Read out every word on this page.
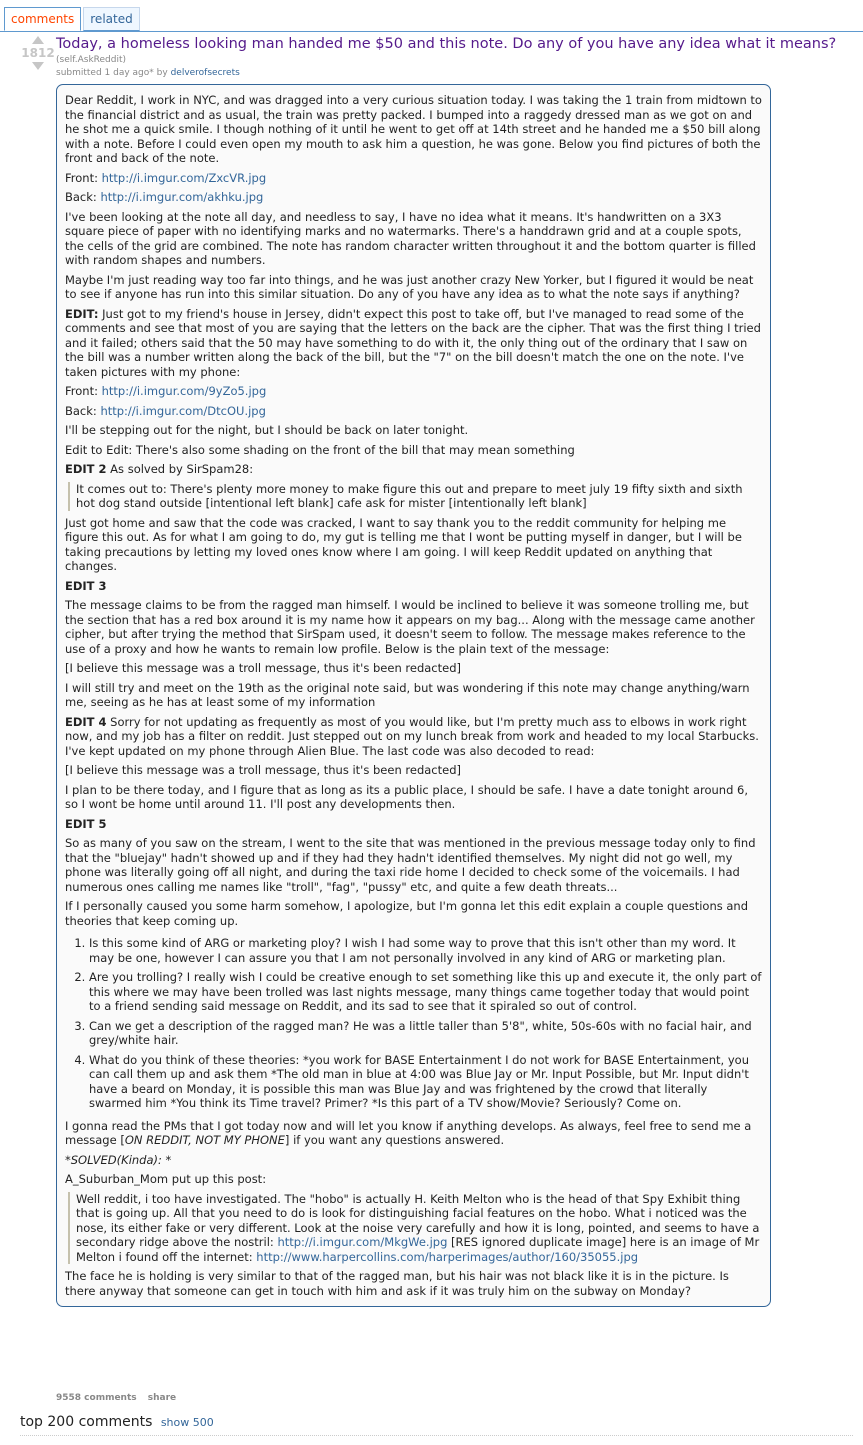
comments	related
1812
Today, a homeless looking man handed me $50 and this note. Do any of you have any idea what it means?
(self.AskReddit)
submitted 1 day ago* by delverofsecrets

Dear Reddit, I work in NYC, and was dragged into a very curious situation today. I was taking the 1 train from midtown to the financial district and as usual, the train was pretty packed. I bumped into a raggedy dressed man as we got on and he shot me a quick smile. I though nothing of it until he went to get off at 14th street and he handed me a $50 bill along with a note. Before I could even open my mouth to ask him a question, he was gone. Below you find pictures of both the front and back of the note.

Front: http://i.imgur.com/ZxcVR.jpg

Back: http://i.imgur.com/akhku.jpg

I've been looking at the note all day, and needless to say, I have no idea what it means. It's handwritten on a 3X3 square piece of paper with no identifying marks and no watermarks. There's a handdrawn grid and at a couple spots, the cells of the grid are combined. The note has random character written throughout it and the bottom quarter is filled with random shapes and numbers.

Maybe I'm just reading way too far into things, and he was just another crazy New Yorker, but I figured it would be neat to see if anyone has run into this similar situation. Do any of you have any idea as to what the note says if anything?

EDIT: Just got to my friend's house in Jersey, didn't expect this post to take off, but I've managed to read some of the comments and see that most of you are saying that the letters on the back are the cipher. That was the first thing I tried and it failed; others said that the 50 may have something to do with it, the only thing out of the ordinary that I saw on the bill was a number written along the back of the bill, but the "7" on the bill doesn't match the one on the note. I've taken pictures with my phone:

Front: http://i.imgur.com/9yZo5.jpg

Back: http://i.imgur.com/DtcOU.jpg

I'll be stepping out for the night, but I should be back on later tonight.

Edit to Edit: There's also some shading on the front of the bill that may mean something

EDIT 2 As solved by SirSpam28:

It comes out to: There's plenty more money to make figure this out and prepare to meet july 19 fifty sixth and sixth hot dog stand outside [intentional left blank] cafe ask for mister [intentionally left blank]

Just got home and saw that the code was cracked, I want to say thank you to the reddit community for helping me figure this out. As for what I am going to do, my gut is telling me that I wont be putting myself in danger, but I will be taking precautions by letting my loved ones know where I am going. I will keep Reddit updated on anything that changes.

EDIT 3

The message claims to be from the ragged man himself. I would be inclined to believe it was someone trolling me, but the section that has a red box around it is my name how it appears on my bag... Along with the message came another cipher, but after trying the method that SirSpam used, it doesn't seem to follow. The message makes reference to the use of a proxy and how he wants to remain low profile. Below is the plain text of the message:

[I believe this message was a troll message, thus it's been redacted]

I will still try and meet on the 19th as the original note said, but was wondering if this note may change anything/warn me, seeing as he has at least some of my information

EDIT 4 Sorry for not updating as frequently as most of you would like, but I'm pretty much ass to elbows in work right now, and my job has a filter on reddit. Just stepped out on my lunch break from work and headed to my local Starbucks. I've kept updated on my phone through Alien Blue. The last code was also decoded to read:

[I believe this message was a troll message, thus it's been redacted]

I plan to be there today, and I figure that as long as its a public place, I should be safe. I have a date tonight around 6, so I wont be home until around 11. I'll post any developments then.

EDIT 5

So as many of you saw on the stream, I went to the site that was mentioned in the previous message today only to find that the "bluejay" hadn't showed up and if they had they hadn't identified themselves. My night did not go well, my phone was literally going off all night, and during the taxi ride home I decided to check some of the voicemails. I had numerous ones calling me names like "troll", "fag", "pussy" etc, and quite a few death threats...

If I personally caused you some harm somehow, I apologize, but I'm gonna let this edit explain a couple questions and theories that keep coming up.

1. Is this some kind of ARG or marketing ploy? I wish I had some way to prove that this isn't other than my word. It may be one, however I can assure you that I am not personally involved in any kind of ARG or marketing plan.
2. Are you trolling? I really wish I could be creative enough to set something like this up and execute it, the only part of this where we may have been trolled was last nights message, many things came together today that would point to a friend sending said message on Reddit, and its sad to see that it spiraled so out of control.
3. Can we get a description of the ragged man? He was a little taller than 5'8", white, 50s-60s with no facial hair, and grey/white hair.
4. What do you think of these theories: *you work for BASE Entertainment I do not work for BASE Entertainment, you can call them up and ask them *The old man in blue at 4:00 was Blue Jay or Mr. Input Possible, but Mr. Input didn't have a beard on Monday, it is possible this man was Blue Jay and was frightened by the crowd that literally swarmed him *You think its Time travel? Primer? *Is this part of a TV show/Movie? Seriously? Come on.

I gonna read the PMs that I got today now and will let you know if anything develops. As always, feel free to send me a message [ON REDDIT, NOT MY PHONE] if you want any questions answered.

*SOLVED(Kinda): *

A_Suburban_Mom put up this post:

Well reddit, i too have investigated. The "hobo" is actually H. Keith Melton who is the head of that Spy Exhibit thing that is going up. All that you need to do is look for distinguishing facial features on the hobo. What i noticed was the nose, its either fake or very different. Look at the noise very carefully and how it is long, pointed, and seems to have a secondary ridge above the nostril: http://i.imgur.com/MkgWe.jpg [RES ignored duplicate image] here is an image of Mr Melton i found off the internet: http://www.harpercollins.com/harperimages/author/160/35055.jpg

The face he is holding is very similar to that of the ragged man, but his hair was not black like it is in the picture. Is there anyway that someone can get in touch with him and ask if it was truly him on the subway on Monday?

9558 comments share
top 200 comments show 500
